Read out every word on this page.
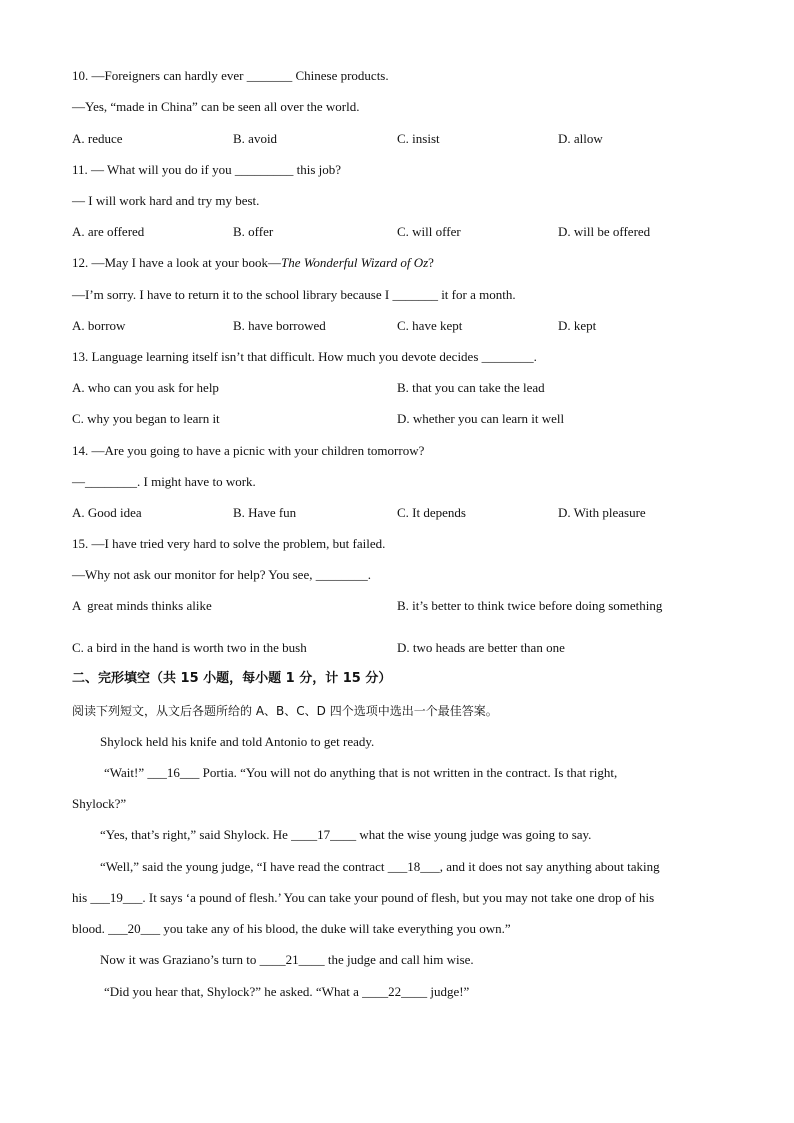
10. —Foreigners can hardly ever _______ Chinese products.
—Yes, “made in China” can be seen all over the world.
A. reduce	B. avoid	C. insist	D. allow
11. — What will you do if you _________ this job?
— I will work hard and try my best.
A. are offered	B. offer	C. will offer	D. will be offered
12. —May I have a look at your book—The Wonderful Wizard of Oz?
—I’m sorry. I have to return it to the school library because I _______ it for a month.
A. borrow	B. have borrowed	C. have kept	D. kept
13. Language learning itself isn’t that difficult. How much you devote decides ________.
A. who can you ask for help	B. that you can take the lead
C. why you began to learn it	D. whether you can learn it well
14. —Are you going to have a picnic with your children tomorrow?
—________. I might have to work.
A. Good idea	B. Have fun	C. It depends	D. With pleasure
15. —I have tried very hard to solve the problem, but failed.
—Why not ask our monitor for help? You see, ________.
A  great minds thinks alike	B. it’s better to think twice before doing something
C. a bird in the hand is worth two in the bush	D. two heads are better than one
二、完形填空（共 15 小题，每小题 1 分，计 15 分）
阅读下列短文，从文后各题所给的 A、B、C、D 四个选项中选出一个最佳答案。
Shylock held his knife and told Antonio to get ready.
“Wait!” ___16___ Portia. “You will not do anything that is not written in the contract. Is that right,
Shylock?”
“Yes, that’s right,” said Shylock. He ____17____ what the wise young judge was going to say.
“Well,” said the young judge, “I have read the contract ___18___, and it does not say anything about taking
his ___19___. It says ‘a pound of flesh.’ You can take your pound of flesh, but you may not take one drop of his
blood. ___20___ you take any of his blood, the duke will take everything you own.”
Now it was Graziano’s turn to ____21____ the judge and call him wise.
“Did you hear that, Shylock?” he asked. “What a ____22____ judge!”
